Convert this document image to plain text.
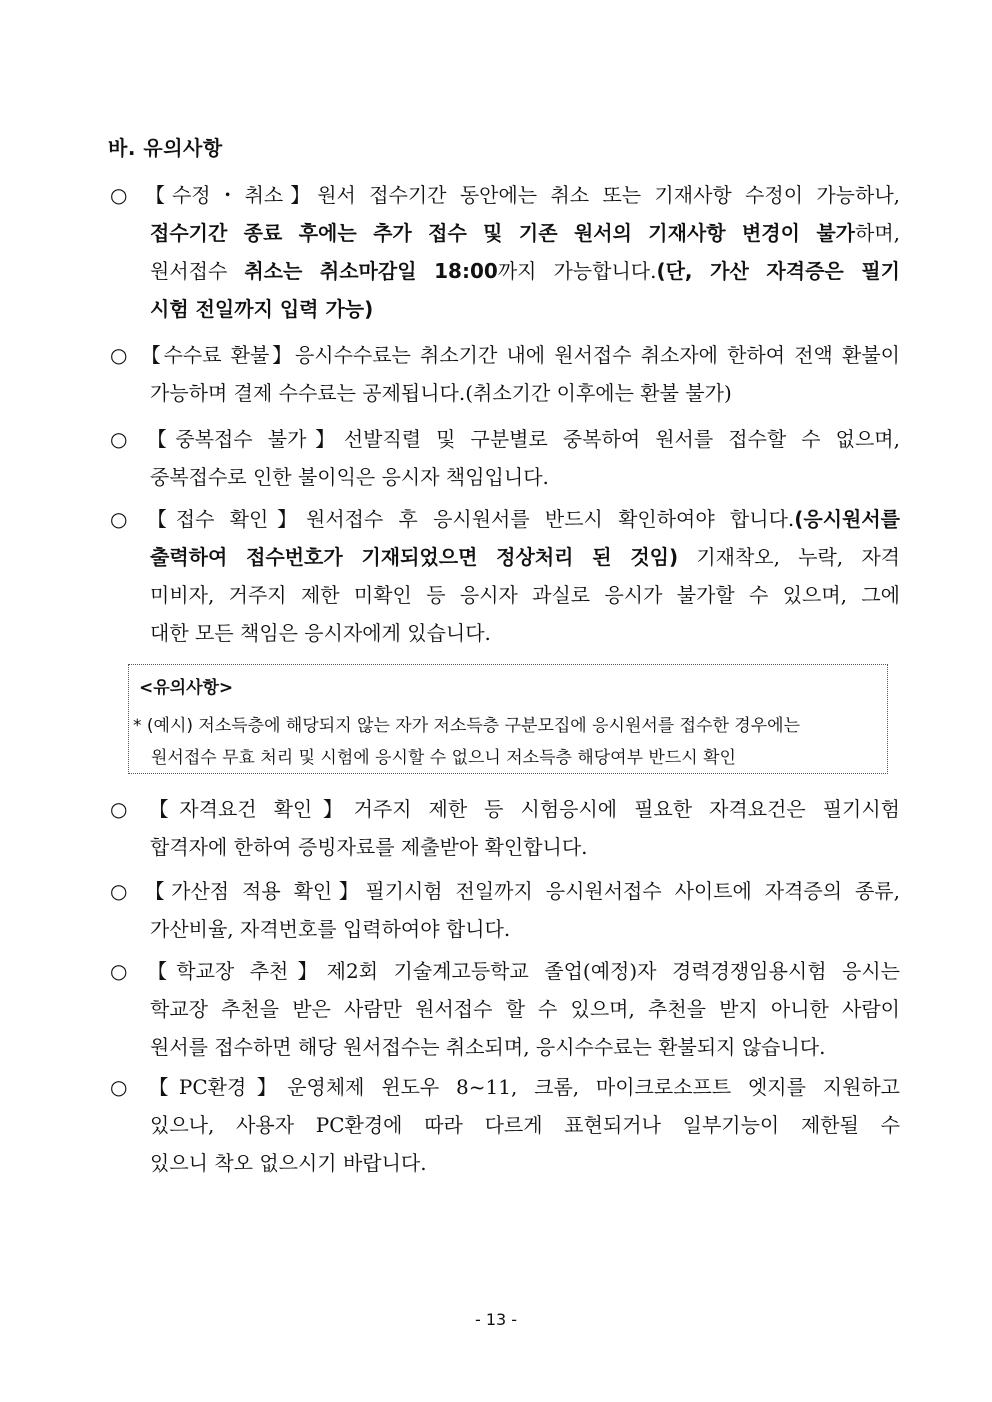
바. 유의사항
○ 【수정・취소】원서 접수기간 동안에는 취소 또는 기재사항 수정이 가능하나,
접수기간 종료 후에는 추가 접수 및 기존 원서의 기재사항 변경이 불가하며,
원서접수 취소는 취소마감일 18:00까지 가능합니다.(단, 가산 자격증은 필기
시험 전일까지 입력 가능)
○ 【수수료 환불】응시수수료는 취소기간 내에 원서접수 취소자에 한하여 전액 환불이
가능하며 결제 수수료는 공제됩니다.(취소기간 이후에는 환불 불가)
○ 【중복접수 불가】선발직렬 및 구분별로 중복하여 원서를 접수할 수 없으며,
중복접수로 인한 불이익은 응시자 책임입니다.
○ 【접수 확인】원서접수 후 응시원서를 반드시 확인하여야 합니다.(응시원서를
출력하여 접수번호가 기재되었으면 정상처리 된 것임) 기재착오, 누락, 자격
미비자, 거주지 제한 미확인 등 응시자 과실로 응시가 불가할 수 있으며, 그에
대한 모든 책임은 응시자에게 있습니다.
○ 【자격요건 확인】거주지 제한 등 시험응시에 필요한 자격요건은 필기시험
합격자에 한하여 증빙자료를 제출받아 확인합니다.
○ 【가산점 적용 확인】필기시험 전일까지 응시원서접수 사이트에 자격증의 종류,
가산비율, 자격번호를 입력하여야 합니다.
○ 【학교장 추천】제2회 기술계고등학교 졸업(예정)자 경력경쟁임용시험 응시는
학교장 추천을 받은 사람만 원서접수 할 수 있으며, 추천을 받지 아니한 사람이
원서를 접수하면 해당 원서접수는 취소되며, 응시수수료는 환불되지 않습니다.
○ 【PC환경】운영체제 윈도우 8~11, 크롬, 마이크로소프트 엣지를 지원하고
있으나, 사용자 PC환경에 따라 다르게 표현되거나 일부기능이 제한될 수
있으니 착오 없으시기 바랍니다.
<유의사항>
* (예시) 저소득층에 해당되지 않는 자가 저소득층 구분모집에 응시원서를 접수한 경우에는
원서접수 무효 처리 및 시험에 응시할 수 없으니 저소득층 해당여부 반드시 확인
- 13 -
